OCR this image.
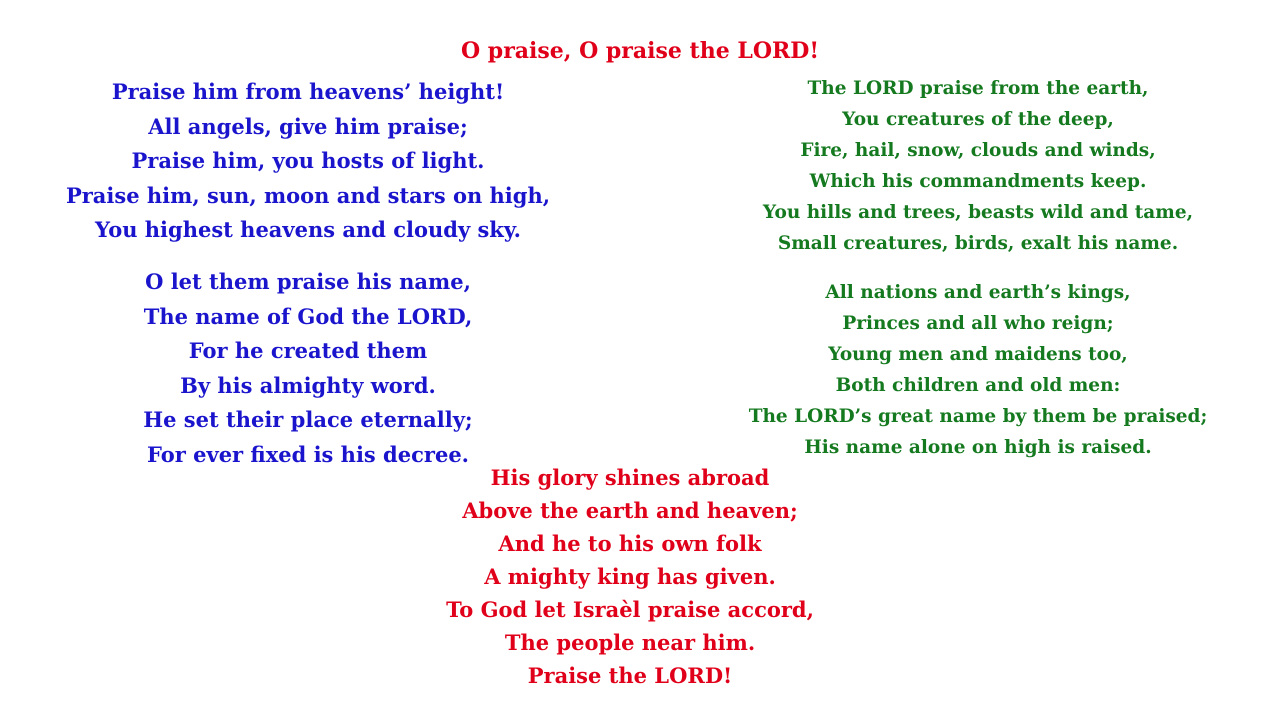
O praise, O praise the LORD!
Praise him from heavens’ height!
All angels, give him praise;
Praise him, you hosts of light.
Praise him, sun, moon and stars on high,
You highest heavens and cloudy sky.
O let them praise his name,
The name of God the LORD,
For he created them
By his almighty word.
He set their place eternally;
For ever fixed is his decree.
The LORD praise from the earth,
You creatures of the deep,
Fire, hail, snow, clouds and winds,
Which his commandments keep.
You hills and trees, beasts wild and tame,
Small creatures, birds, exalt his name.
All nations and earth’s kings,
Princes and all who reign;
Young men and maidens too,
Both children and old men:
The LORD’s great name by them be praised;
His name alone on high is raised.
His glory shines abroad
Above the earth and heaven;
And he to his own folk
A mighty king has given.
To God let Israèl praise accord,
The people near him.
Praise the LORD!
